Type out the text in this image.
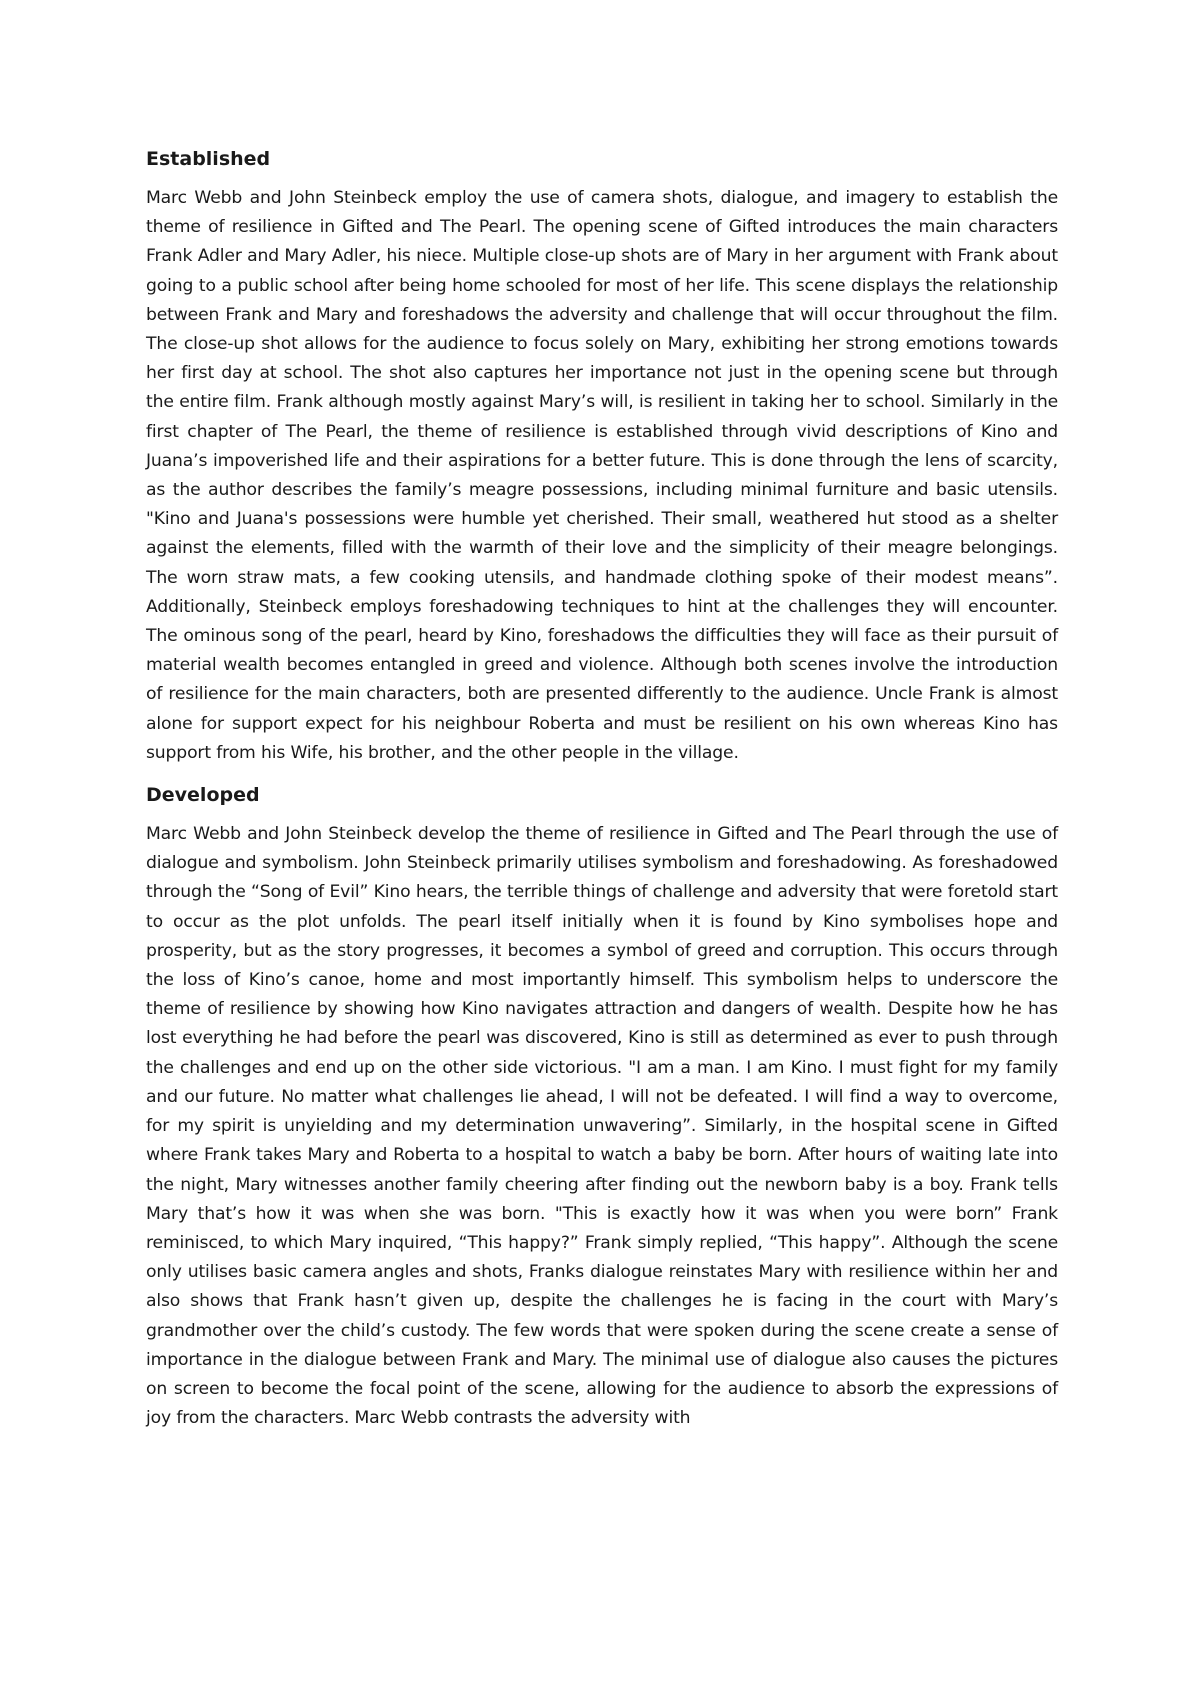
Established

Marc Webb and John Steinbeck employ the use of camera shots, dialogue, and imagery to establish the theme of resilience in Gifted and The Pearl. The opening scene of Gifted introduces the main characters Frank Adler and Mary Adler, his niece. Multiple close-up shots are of Mary in her argument with Frank about going to a public school after being home schooled for most of her life. This scene displays the relationship between Frank and Mary and foreshadows the adversity and challenge that will occur throughout the film. The close-up shot allows for the audience to focus solely on Mary, exhibiting her strong emotions towards her first day at school. The shot also captures her importance not just in the opening scene but through the entire film. Frank although mostly against Mary’s will, is resilient in taking her to school. Similarly in the first chapter of The Pearl, the theme of resilience is established through vivid descriptions of Kino and Juana’s impoverished life and their aspirations for a better future. This is done through the lens of scarcity, as the author describes the family’s meagre possessions, including minimal furniture and basic utensils. "Kino and Juana's possessions were humble yet cherished. Their small, weathered hut stood as a shelter against the elements, filled with the warmth of their love and the simplicity of their meagre belongings. The worn straw mats, a few cooking utensils, and handmade clothing spoke of their modest means”. Additionally, Steinbeck employs foreshadowing techniques to hint at the challenges they will encounter. The ominous song of the pearl, heard by Kino, foreshadows the difficulties they will face as their pursuit of material wealth becomes entangled in greed and violence. Although both scenes involve the introduction of resilience for the main characters, both are presented differently to the audience. Uncle Frank is almost alone for support expect for his neighbour Roberta and must be resilient on his own whereas Kino has support from his Wife, his brother, and the other people in the village.

Developed

Marc Webb and John Steinbeck develop the theme of resilience in Gifted and The Pearl through the use of dialogue and symbolism. John Steinbeck primarily utilises symbolism and foreshadowing. As foreshadowed through the “Song of Evil” Kino hears, the terrible things of challenge and adversity that were foretold start to occur as the plot unfolds. The pearl itself initially when it is found by Kino symbolises hope and prosperity, but as the story progresses, it becomes a symbol of greed and corruption. This occurs through the loss of Kino’s canoe, home and most importantly himself. This symbolism helps to underscore the theme of resilience by showing how Kino navigates attraction and dangers of wealth. Despite how he has lost everything he had before the pearl was discovered, Kino is still as determined as ever to push through the challenges and end up on the other side victorious. "I am a man. I am Kino. I must fight for my family and our future. No matter what challenges lie ahead, I will not be defeated. I will find a way to overcome, for my spirit is unyielding and my determination unwavering”. Similarly, in the hospital scene in Gifted where Frank takes Mary and Roberta to a hospital to watch a baby be born. After hours of waiting late into the night, Mary witnesses another family cheering after finding out the newborn baby is a boy. Frank tells Mary that’s how it was when she was born. "This is exactly how it was when you were born” Frank reminisced, to which Mary inquired, “This happy?” Frank simply replied, “This happy”. Although the scene only utilises basic camera angles and shots, Franks dialogue reinstates Mary with resilience within her and also shows that Frank hasn’t given up, despite the challenges he is facing in the court with Mary’s grandmother over the child’s custody. The few words that were spoken during the scene create a sense of importance in the dialogue between Frank and Mary. The minimal use of dialogue also causes the pictures on screen to become the focal point of the scene, allowing for the audience to absorb the expressions of joy from the characters. Marc Webb contrasts the adversity with
